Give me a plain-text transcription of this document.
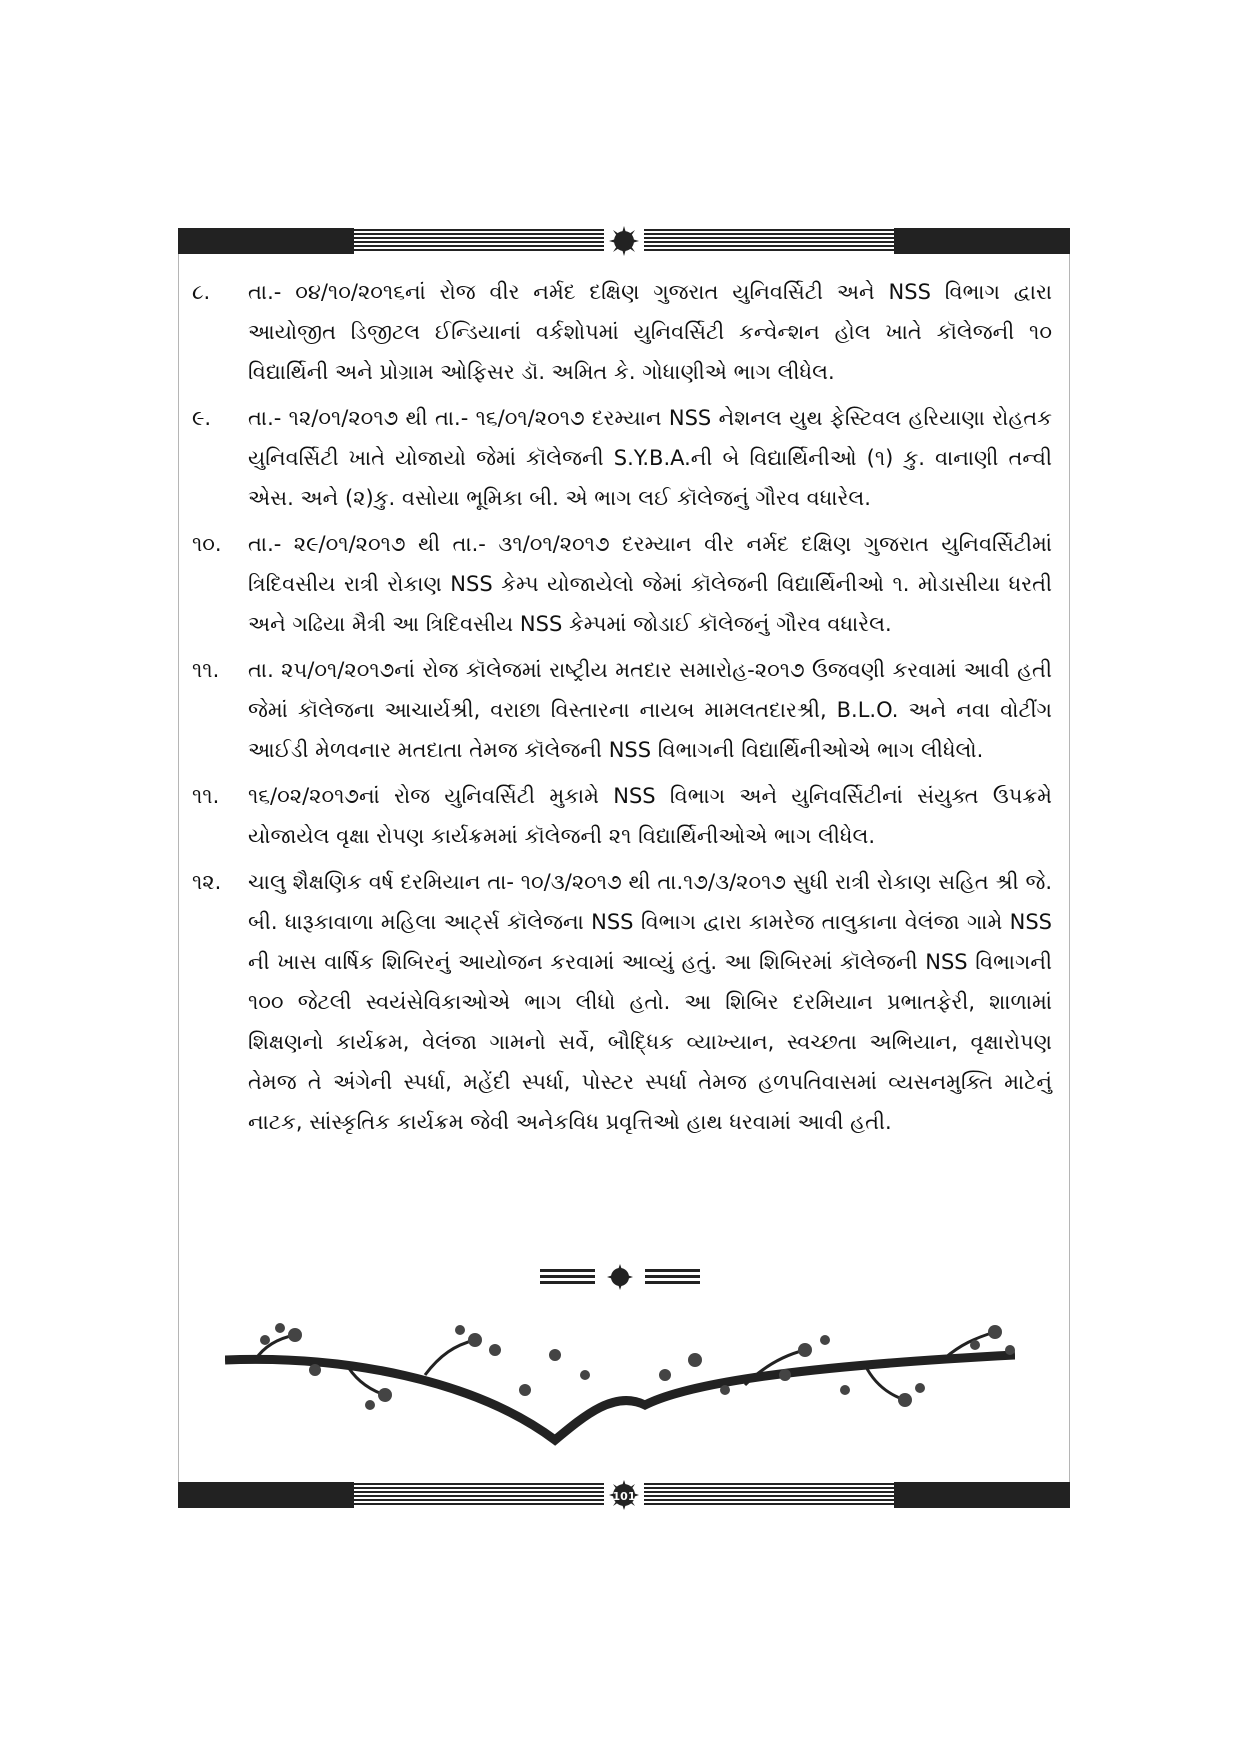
૮. તા.- ૦૪/૧૦/૨૦૧૬નાં રોજ વીર નર્મદ દક્ષિણ ગુજરાત યુનિવર્સિટી અને NSS વિભાગ દ્વારા આયોજીત ડિજીટલ ઈન્ડિયાનાં વર્કશોપમાં યુનિવર્સિટી કન્વેન્શન હોલ ખાતે કૉલેજની ૧૦ વિદ્યાર્થિની અને પ્રોગ્રામ ઓફિસર ડૉ. અમિત કે. ગોધાણીએ ભાગ લીધેલ.
૯. તા.- ૧૨/૦૧/૨૦૧૭ થી તા.- ૧૬/૦૧/૨૦૧૭ દરમ્યાન NSS નેશનલ યુથ ફેસ્ટિવલ હરિયાણા રોહતક યુનિવર્સિટી ખાતે યોજાયો જેમાં કૉલેજની S.Y.B.A.ની બે વિદ્યાર્થિનીઓ (૧) કુ. વાનાણી તન્વી એસ. અને (૨)કુ. વસોયા ભૂમિકા બી. એ ભાગ લઈ કૉલેજનું ગૌરવ વધારેલ.
૧૦. તા.- ૨૯/૦૧/૨૦૧૭ થી તા.- ૩૧/૦૧/૨૦૧૭ દરમ્યાન વીર નર્મદ દક્ષિણ ગુજરાત યુનિવર્સિટીમાં ત્રિદિવસીય રાત્રી રોકાણ NSS કેમ્પ યોજાયેલો જેમાં કૉલેજની વિદ્યાર્થિનીઓ ૧. મોડાસીયા ધરતી અને ગઢિયા મૈત્રી આ ત્રિદિવસીય NSS કેમ્પમાં જોડાઈ કૉલેજનું ગૌરવ વધારેલ.
૧૧. તા. ૨૫/૦૧/૨૦૧૭નાં રોજ કૉલેજમાં રાષ્ટ્રીય મતદાર સમારોહ-૨૦૧૭ ઉજવણી કરવામાં આવી હતી જેમાં કૉલેજના આચાર્યશ્રી, વરાછા વિસ્તારના નાયબ મામલતદારશ્રી, B.L.O. અને નવા વોટીંગ આઈડી મેળવનાર મતદાતા તેમજ કૉલેજની NSS વિભાગની વિદ્યાર્થિનીઓએ ભાગ લીધેલો.
૧૧. ૧૬/૦૨/૨૦૧૭નાં રોજ યુનિવર્સિટી મુકામે NSS વિભાગ અને યુનિવર્સિટીનાં સંયુક્ત ઉપક્રમે યોજાયેલ વૃક્ષા રોપણ કાર્યક્રમમાં કૉલેજની ૨૧ વિદ્યાર્થિનીઓએ ભાગ લીધેલ.
૧૨. ચાલુ શૈક્ષણિક વર્ષ દરમિયાન તા- ૧૦/૩/૨૦૧૭ થી તા.૧૭/૩/૨૦૧૭ સુધી રાત્રી રોકાણ સહિત શ્રી જે. બી. ધારૂકાવાળા મહિલા આર્ટ્સ કૉલેજના NSS વિભાગ દ્વારા કામરેજ તાલુકાના વેલંજા ગામે NSS ની ખાસ વાર્ષિક શિબિરનું આયોજન કરવામાં આવ્યું હતું. આ શિબિરમાં કૉલેજની NSS વિભાગની ૧૦૦ જેટલી સ્વયંસેવિકાઓએ ભાગ લીધો હતો. આ શિબિર દરમિયાન પ્રભાતફેરી, શાળામાં શિક્ષણનો કાર્યક્રમ, વેલંજા ગામનો સર્વે, બૌદ્ધિક વ્યાખ્યાન, સ્વચ્છતા અભિયાન, વૃક્ષારોપણ તેમજ તે અંગેની સ્પર્ધા, મહેંદી સ્પર્ધા, પોસ્ટર સ્પર્ધા તેમજ હળપતિવાસમાં વ્યસનમુક્તિ માટેનું નાટક, સાંસ્કૃતિક કાર્યક્રમ જેવી અનેકવિધ પ્રવૃત્તિઓ હાથ ધરવામાં આવી હતી.
101
